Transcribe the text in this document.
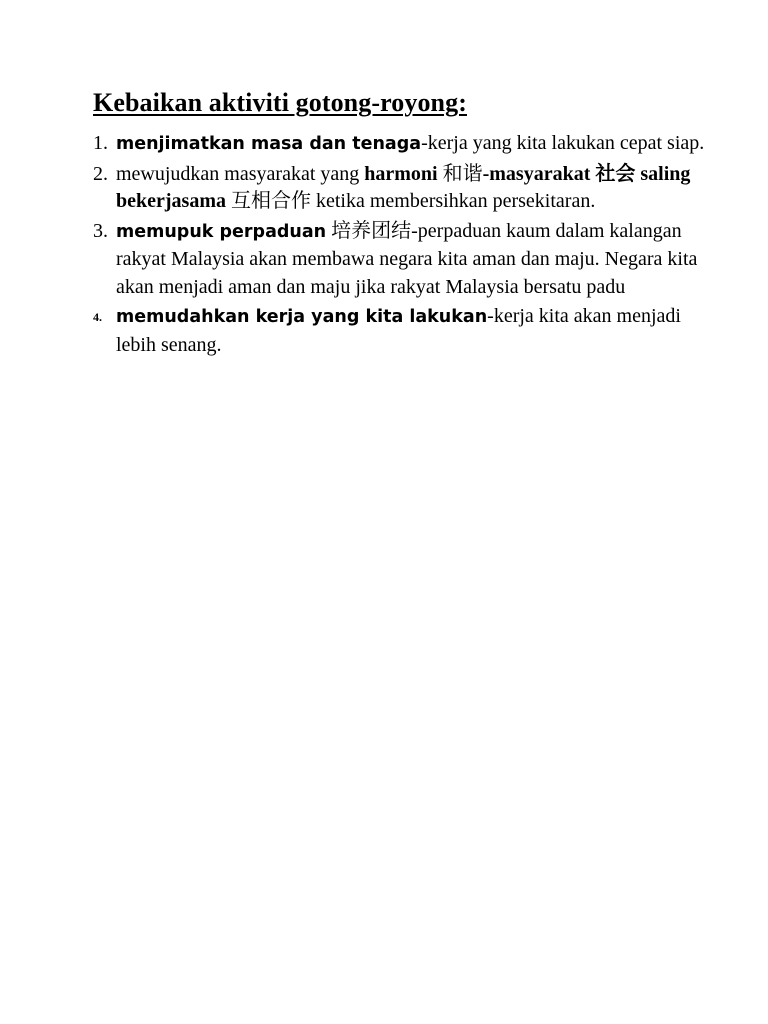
Kebaikan aktiviti gotong-royong:
1. menjimatkan masa dan tenaga-kerja yang kita lakukan cepat siap.
2. mewujudkan masyarakat yang harmoni 和谐-masyarakat 社会 saling bekerjasama 互相合作 ketika membersihkan persekitaran.
3. memupuk perpaduan 培养团结-perpaduan kaum dalam kalangan rakyat Malaysia akan membawa negara kita aman dan maju. Negara kita akan menjadi aman dan maju jika rakyat Malaysia bersatu padu
4. memudahkan kerja yang kita lakukan-kerja kita akan menjadi lebih senang.
